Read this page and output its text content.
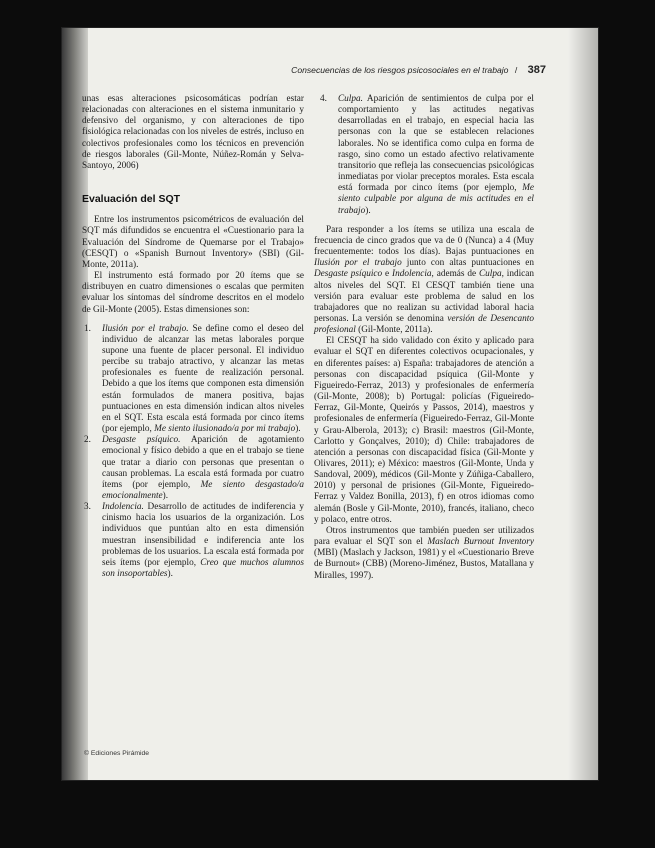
Consecuencias de los riesgos psicosociales en el trabajo / 387

unas esas alteraciones psicosomáticas podrían estar relacionadas con alteraciones en el sistema inmunitario y defensivo del organismo, y con alteraciones de tipo fisiológica relacionadas con los niveles de estrés, incluso en colectivos profesionales como los técnicos en prevención de riesgos laborales (Gil-Monte, Núñez-Román y Selva-Santoyo, 2006)

Evaluación del SQT

Entre los instrumentos psicométricos de evaluación del SQT más difundidos se encuentra el «Cuestionario para la Evaluación del Síndrome de Quemarse por el Trabajo» (CESQT) o «Spanish Burnout Inventory» (SBI) (Gil-Monte, 2011a).

El instrumento está formado por 20 ítems que se distribuyen en cuatro dimensiones o escalas que permiten evaluar los síntomas del síndrome descritos en el modelo de Gil-Monte (2005). Estas dimensiones son:

1. Ilusión por el trabajo. Se define como el deseo del individuo de alcanzar las metas laborales porque supone una fuente de placer personal. El individuo percibe su trabajo atractivo, y alcanzar las metas profesionales es fuente de realización personal. Debido a que los ítems que componen esta dimensión están formulados de manera positiva, bajas puntuaciones en esta dimensión indican altos niveles en el SQT. Esta escala está formada por cinco ítems (por ejemplo, Me siento ilusionado/a por mi trabajo).
2. Desgaste psíquico. Aparición de agotamiento emocional y físico debido a que en el trabajo se tiene que tratar a diario con personas que presentan o causan problemas. La escala está formada por cuatro ítems (por ejemplo, Me siento desgastado/a emocionalmente).
3. Indolencia. Desarrollo de actitudes de indiferencia y cinismo hacia los usuarios de la organización. Los individuos que puntúan alto en esta dimensión muestran insensibilidad e indiferencia ante los problemas de los usuarios. La escala está formada por seis ítems (por ejemplo, Creo que muchos alumnos son insoportables).
4. Culpa. Aparición de sentimientos de culpa por el comportamiento y las actitudes negativas desarrolladas en el trabajo, en especial hacia las personas con la que se establecen relaciones laborales. No se identifica como culpa en forma de rasgo, sino como un estado afectivo relativamente transitorio que refleja las consecuencias psicológicas inmediatas por violar preceptos morales. Esta escala está formada por cinco ítems (por ejemplo, Me siento culpable por alguna de mis actitudes en el trabajo).

Para responder a los ítems se utiliza una escala de frecuencia de cinco grados que va de 0 (Nunca) a 4 (Muy frecuentemente: todos los días). Bajas puntuaciones en Ilusión por el trabajo junto con altas puntuaciones en Desgaste psíquico e Indolencia, además de Culpa, indican altos niveles del SQT. El CESQT también tiene una versión para evaluar este problema de salud en los trabajadores que no realizan su actividad laboral hacia personas. La versión se denomina versión de Desencanto profesional (Gil-Monte, 2011a).

El CESQT ha sido validado con éxito y aplicado para evaluar el SQT en diferentes colectivos ocupacionales, y en diferentes países: a) España: trabajadores de atención a personas con discapacidad psíquica (Gil-Monte y Figueiredo-Ferraz, 2013) y profesionales de enfermería (Gil-Monte, 2008); b) Portugal: policías (Figueiredo-Ferraz, Gil-Monte, Queirós y Passos, 2014), maestros y profesionales de enfermería (Figueiredo-Ferraz, Gil-Monte y Grau-Alberola, 2013); c) Brasil: maestros (Gil-Monte, Carlotto y Gonçalves, 2010); d) Chile: trabajadores de atención a personas con discapacidad física (Gil-Monte y Olivares, 2011); e) México: maestros (Gil-Monte, Unda y Sandoval, 2009), médicos (Gil-Monte y Zúñiga-Caballero, 2010) y personal de prisiones (Gil-Monte, Figueiredo-Ferraz y Valdez Bonilla, 2013), f) en otros idiomas como alemán (Bosle y Gil-Monte, 2010), francés, italiano, checo y polaco, entre otros.

Otros instrumentos que también pueden ser utilizados para evaluar el SQT son el Maslach Burnout Inventory (MBI) (Maslach y Jackson, 1981) y el «Cuestionario Breve de Burnout» (CBB) (Moreno-Jiménez, Bustos, Matallana y Miralles, 1997).

© Ediciones Pirámide
